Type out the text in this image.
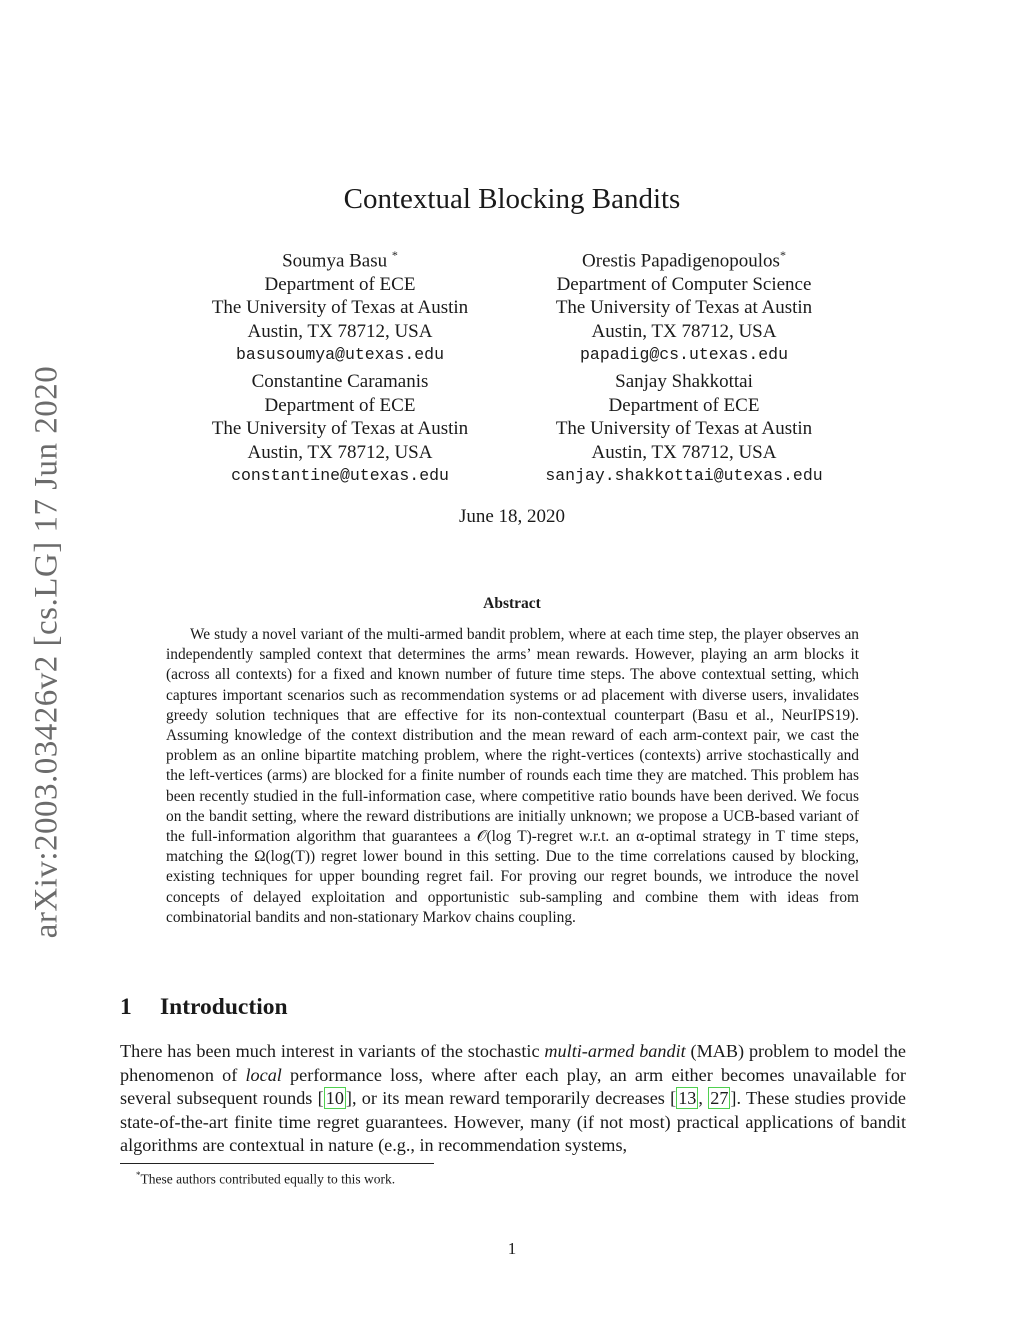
arXiv:2003.03426v2 [cs.LG] 17 Jun 2020
Contextual Blocking Bandits
Soumya Basu *
Department of ECE
The University of Texas at Austin
Austin, TX 78712, USA
basusoumya@utexas.edu
Orestis Papadigenopoulos*
Department of Computer Science
The University of Texas at Austin
Austin, TX 78712, USA
papadig@cs.utexas.edu
Constantine Caramanis
Department of ECE
The University of Texas at Austin
Austin, TX 78712, USA
constantine@utexas.edu
Sanjay Shakkottai
Department of ECE
The University of Texas at Austin
Austin, TX 78712, USA
sanjay.shakkottai@utexas.edu
June 18, 2020
Abstract

We study a novel variant of the multi-armed bandit problem, where at each time step, the player observes an independently sampled context that determines the arms’ mean rewards. However, playing an arm blocks it (across all contexts) for a fixed and known number of future time steps. The above contextual setting, which captures important scenarios such as recommendation systems or ad placement with diverse users, invalidates greedy solution techniques that are effective for its non-contextual counterpart (Basu et al., NeurIPS19). Assuming knowledge of the context distribution and the mean reward of each arm-context pair, we cast the problem as an online bipartite matching problem, where the right-vertices (contexts) arrive stochastically and the left-vertices (arms) are blocked for a finite number of rounds each time they are matched. This problem has been recently studied in the full-information case, where competitive ratio bounds have been derived. We focus on the bandit setting, where the reward distributions are initially unknown; we propose a UCB-based variant of the full-information algorithm that guarantees a 𝒪(log T)-regret w.r.t. an α-optimal strategy in T time steps, matching the Ω(log(T)) regret lower bound in this setting. Due to the time correlations caused by blocking, existing techniques for upper bounding regret fail. For proving our regret bounds, we introduce the novel concepts of delayed exploitation and opportunistic sub-sampling and combine them with ideas from combinatorial bandits and non-stationary Markov chains coupling.

1 Introduction

There has been much interest in variants of the stochastic multi-armed bandit (MAB) problem to model the phenomenon of local performance loss, where after each play, an arm either becomes unavailable for several subsequent rounds [ 10 ], or its mean reward temporarily decreases [ 13 , 27 ]. These studies provide state-of-the-art finite time regret guarantees. However, many (if not most) practical applications of bandit algorithms are contextual in nature (e.g., in recommendation systems,

*These authors contributed equally to this work.
1
